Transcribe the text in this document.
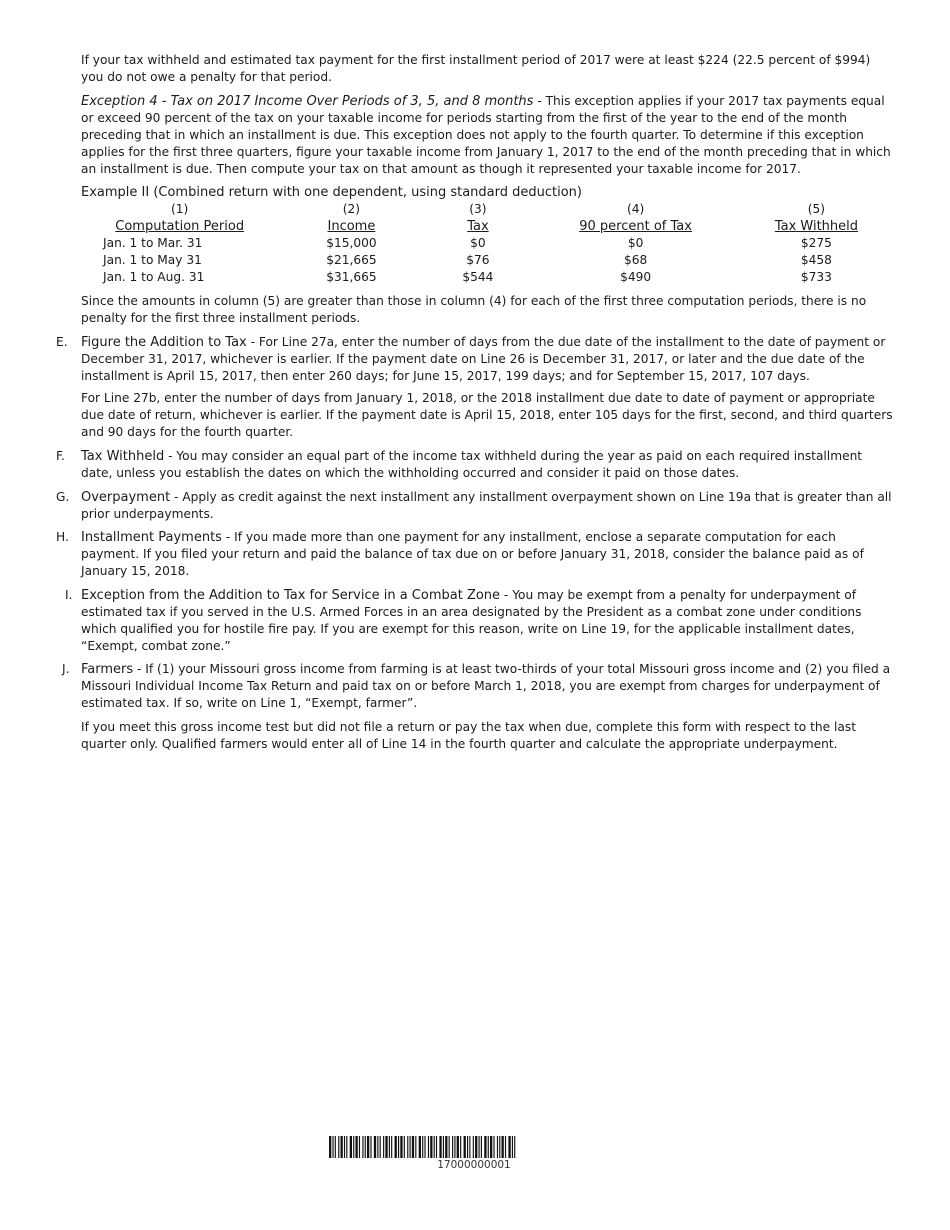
If your tax withheld and estimated tax payment for the first installment period of 2017 were at least $224 (22.5 percent of $994) you do not owe a penalty for that period.

Exception 4 - Tax on 2017 Income Over Periods of 3, 5, and 8 months - This exception applies if your 2017 tax payments equal or exceed 90 percent of the tax on your taxable income for periods starting from the first of the year to the end of the month preceding that in which an installment is due. This exception does not apply to the fourth quarter. To determine if this exception applies for the first three quarters, figure your taxable income from January 1, 2017 to the end of the month preceding that in which an installment is due. Then compute your tax on that amount as though it represented your taxable income for 2017.

Example II (Combined return with one dependent, using standard deduction)

(1)	(2)	(3)	(4)	(5)
Computation Period	Income	Tax	90 percent of Tax	Tax Withheld
Jan. 1 to Mar. 31	$15,000	$0	$0	$275
Jan. 1 to May 31	$21,665	$76	$68	$458
Jan. 1 to Aug. 31	$31,665	$544	$490	$733

Since the amounts in column (5) are greater than those in column (4) for each of the first three computation periods, there is no penalty for the first three installment periods.

E.	Figure the Addition to Tax - For Line 27a, enter the number of days from the due date of the installment to the date of payment or December 31, 2017, whichever is earlier. If the payment date on Line 26 is December 31, 2017, or later and the due date of the installment is April 15, 2017, then enter 260 days; for June 15, 2017, 199 days; and for September 15, 2017, 107 days.

For Line 27b, enter the number of days from January 1, 2018, or the 2018 installment due date to date of payment or appropriate due date of return, whichever is earlier. If the payment date is April 15, 2018, enter 105 days for the first, second, and third quarters and 90 days for the fourth quarter.

F.	Tax Withheld - You may consider an equal part of the income tax withheld during the year as paid on each required installment date, unless you establish the dates on which the withholding occurred and consider it paid on those dates.
G. Overpayment - Apply as credit against the next installment any installment overpayment shown on Line 19a that is greater than all prior underpayments.
H. Installment Payments - If you made more than one payment for any installment, enclose a separate computation for each payment. If you filed your return and paid the balance of tax due on or before January 31, 2018, consider the balance paid as of January 15, 2018.
I. Exception from the Addition to Tax for Service in a Combat Zone - You may be exempt from a penalty for underpayment of estimated tax if you served in the U.S. Armed Forces in an area designated by the President as a combat zone under conditions which qualified you for hostile fire pay. If you are exempt for this reason, write on Line 19, for the applicable installment dates, “Exempt, combat zone.”
J. Farmers - If (1) your Missouri gross income from farming is at least two-thirds of your total Missouri gross income and (2) you filed a Missouri Individual Income Tax Return and paid tax on or before March 1, 2018, you are exempt from charges for underpayment of estimated tax. If so, write on Line 1, “Exempt, farmer”.

If you meet this gross income test but did not file a return or pay the tax when due, complete this form with respect to the last quarter only. Qualified farmers would enter all of Line 14 in the fourth quarter and calculate the appropriate underpayment.

17000000001
